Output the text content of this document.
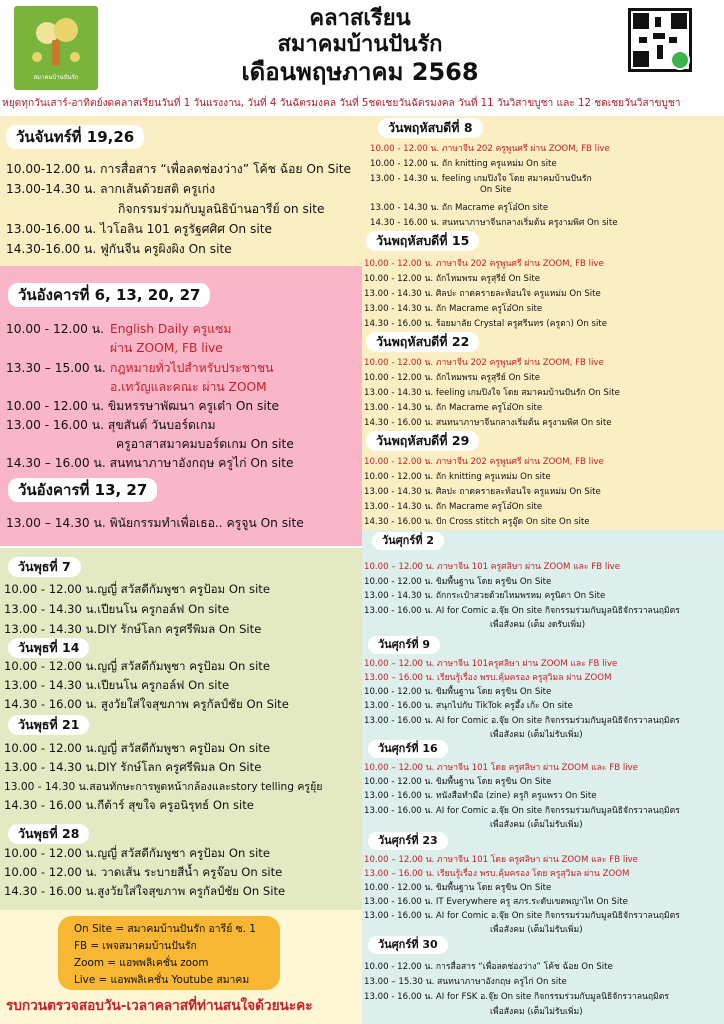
สมาคมบ้านปันรัก
คลาสเรียน
สมาคมบ้านปันรัก
เดือนพฤษภาคม 2568
หยุดทุกวันเสาร์-อาทิตย์งดคลาสเรียนวันที่ 1 วันแรงงาน, วันที่ 4 วันฉัตรมงคล วันที่ 5ชดเชยวันฉัตรมงคล วันที่ 11 วันวิสาขบูชา และ 12 ชดเชยวันวิสาขบูชา
วันจันทร์ที่ 19,26
10.00-12.00 น. การสื่อสาร “เพื่อลดช่องว่าง” โค้ช ฉ้อย On Site
13.00-14.30 น. ลากเส้นด้วยสติ ครูเก่ง
กิจกรรมร่วมกับมูลนิธิบ้านอารีย์ on site
13.00-16.00 น. ไวโอลิน 101 ครูรัฐศศิศ On site
14.30-16.00 น. ฟู่กันจีน ครูผิงผิง On site
วันอังคารที่ 6, 13, 20, 27
10.00 - 12.00 น. English Daily ครูแซม
ผ่าน ZOOM, FB live
13.30 – 15.00 น. กฎหมายทั่วไปสำหรับประชาชน
อ.เทวัญและคณะ ผ่าน ZOOM
10.00 - 12.00 น. ขิมหรรษาพัฒนา ครูเต๋า On site
13.00 - 16.00 น. สุขสันต์ วันบอร์ดเกม
ครูอาสาสมาคมบอร์ดเกม On site
14.30 – 16.00 น. สนทนาภาษาอังกฤษ ครูไก่ On site
วันอังคารที่ 13, 27
13.00 – 14.30 น. พินัยกรรมทำเพื่อเธอ.. ครูจูน On site
วันพุธที่ 7
10.00 - 12.00 น.ญญี่ สวัสดีกัมพูชา ครูป้อม On site
13.00 - 14.30 น.เปียนโน ครูกอล์ฟ On site
13.00 - 14.30 น.DIY รักษ์โลก ครูศรีพิมล On Site
วันพุธที่ 14
10.00 - 12.00 น.ญญี่ สวัสดีกัมพูชา ครูป้อม On site
13.00 - 14.30 น.เปียนโน ครูกอล์ฟ On site
14.30 - 16.00 น. สูงวัยใส่ใจสุขภาพ ครูกัลป์ชัย On Site
วันพุธที่ 21
10.00 - 12.00 น.ญญี่ สวัสดีกัมพูชา ครูป้อม On site
13.00 - 14.30 น.DIY รักษ์โลก ครูศรีพิมล On Site
13.00 - 14.30 น.สอนทักษะการพูดหน้ากล้องและstory telling ครูยุ้ย
14.30 - 16.00 น.กีต้าร์ สุขใจ ครูอนิรุทธ์ On site
วันพุธที่ 28
10.00 - 12.00 น.ญญี่ สวัสดีกัมพูชา ครูป้อม On site
10.00 - 12.00 น. วาดเส้น ระบายสีน้ำ ครูจ๊อบ On site
14.30 - 16.00 น.สูงวัยใส่ใจสุขภาพ ครูกัลป์ชัย On Site
On Site = สมาคมบ้านปันรัก อารีย์ ซ. 1
FB = เพจสมาคมบ้านปันรัก
Zoom = แอพพลิเคชั่น zoom
Live = แอพพลิเคชั่น Youtube สมาคม
รบกวนตรวจสอบวัน-เวลาคลาสที่ท่านสนใจด้วยนะคะ
วันพฤหัสบดีที่ 8
10.00 - 12.00 น. ภาษาจีน 202 ครูพูนศรี ผ่าน ZOOM, FB live
10.00 - 12.00 น. ถัก knitting ครูแหม่ม On site
13.00 - 14.30 น. feeling เกมปิงใจ โดย สมาคมบ้านปันรัก
On Site
13.00 - 14.30 น. ถัก Macrame ครูโอ๋On site
14.30 - 16.00 น. สนทนาภาษาจีนกลางเริ่มต้น ครูงามพิศ On site
วันพฤหัสบดีที่ 15
10.00 - 12.00 น. ภาษาจีน 202 ครูพูนศรี ผ่าน ZOOM, FB live
10.00 - 12.00 น. ถักไหมพรม ครูสุรีย์ On Site
13.00 - 14.30 น. ศิลปะ ถาดครายละท้อนใจ ครูแหม่ม On Site
13.00 - 14.30 น. ถัก Macrame ครูโอ๋On site
14.30 - 16.00 น. ร้อยมาลัย Crystal ครูศรีนทร (ครูตา) On site
วันพฤหัสบดีที่ 22
10.00 - 12.00 น. ภาษาจีน 202 ครูพูนศรี ผ่าน ZOOM, FB live
10.00 - 12.00 น. ถักไหมพรม ครูสุรีย์ On Site
13.00 - 14.30 น. feeling เกมปิงใจ โดย สมาคมบ้านปันรัก On Site
13.00 - 14.30 น. ถัก Macrame ครูโอ๋On site
14.30 - 16.00 น. สนทนาภาษาจีนกลางเริ่มต้น ครูงามพิศ On site
วันพฤหัสบดีที่ 29
10.00 - 12.00 น. ภาษาจีน 202 ครูพูนศรี ผ่าน ZOOM, FB live
10.00 - 12.00 น. ถัก knitting ครูแหม่ม On site
13.00 - 14.30 น. ศิลปะ ถาดครายละท้อนใจ ครูแหม่ม On Site
13.00 - 14.30 น. ถัก Macrame ครูโอ๋On site
14.30 - 16.00 น. ปัก Cross stitch ครูอู๊ด On site On site
วันศุกร์ที่ 2
10.00 – 12.00 น. ภาษาจีน 101 ครูศลิษา ผ่าน ZOOM และ FB live
10.00 - 12.00 น. ขิมพื้นฐาน โดย ครูขิน On Site
13.00 - 14.30 น. ถักกระเป๋าสวยด้วยไหมพรหม ครูนิดา On Site
13.00 - 16.00 น. AI for Comic อ.จุ๊ย On site กิจกรรมร่วมกับมูลนิธิจักรวาลนฤมิตร
เพื่อสังคม (เต็ม งดรับเพิ่ม)
วันศุกร์ที่ 9
10.00 – 12.00 น. ภาษาจีน 101ครูศลิษา ผ่าน ZOOM และ FB live
13.00 – 16.00 น. เรียนรู้เรื่อง พรบ.คุ้มครอง ครูสุวิมล ผ่าน ZOOM
10.00 - 12.00 น. ขิมพื้นฐาน โดย ครูขิน On Site
13.00 - 16.00 น. สนุกไปกับ TikTok ครูอึ้ง เก้ะ On site
13.00 - 16.00 น. AI for Comic อ.จุ๊ย On site กิจกรรมร่วมกับมูลนิธิจักรวาลนฤมิตร
เพื่อสังคม (เต็มไม่รับเพิ่ม)
วันศุกร์ที่ 16
10.00 – 12.00 น. ภาษาจีน 101 โดย ครูศลิษา ผ่าน ZOOM และ FB live
10.00 - 12.00 น. ขิมพื้นฐาน โดย ครูขิน On Site
13.00 - 16.00 น. หนังสือทำมือ (zine) ครูกิ ครูแพรว On Site
13.00 - 16.00 น. AI for Comic อ.จุ๊ย On site กิจกรรมร่วมกับมูลนิธิจักรวาลนฤมิตร
เพื่อสังคม (เต็มไม่รับเพิ่ม)
วันศุกร์ที่ 23
10.00 – 12.00 น. ภาษาจีน 101 โดย ครูศลิษา ผ่าน ZOOM และ FB live
13.00 – 16.00 น. เรียนรู้เรื่อง พรบ.คุ้มครอง โดย ครูสุวิมล ผ่าน ZOOM
10.00 - 12.00 น. ขิมพื้นฐาน โดย ครูขิน On Site
13.00 - 16.00 น. IT Everywhere ครู สภร.ระดับเขตพญาไท On Site
13.00 - 16.00 น. AI for Comic อ.จุ๊ย On site กิจกรรมร่วมกับมูลนิธิจักรวาลนฤมิตร
เพื่อสังคม (เต็มไม่รับเพิ่ม)
วันศุกร์ที่ 30
10.00 - 12.00 น. การสื่อสาร “เพื่อลดช่องว่าง” โค้ช ฉ้อย On Site
13.00 – 15.30 น. สนทนาภาษาอังกฤษ ครูไก่ On site
13.00 - 16.00 น. AI for FSK อ.จุ๊ย On site กิจกรรมร่วมกับมูลนิธิจักรวาลนฤมิตร
เพื่อสังคม (เต็มไม่รับเพิ่ม)
